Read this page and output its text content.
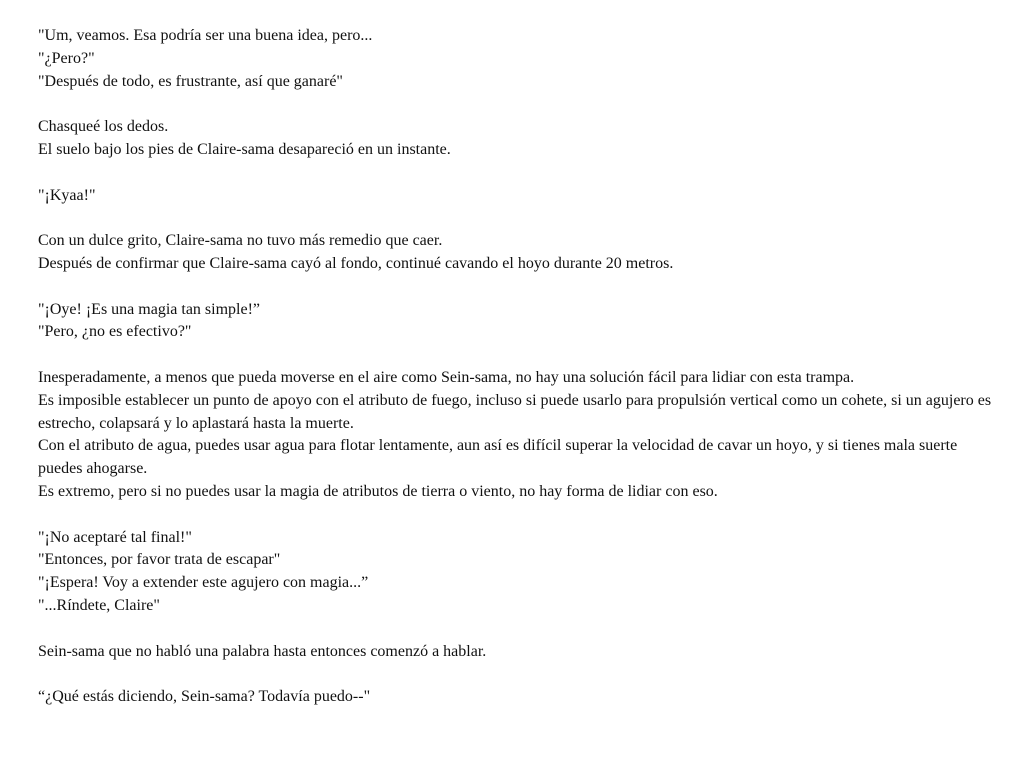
"Um, veamos. Esa podría ser una buena idea, pero...
"¿Pero?"
"Después de todo, es frustrante, así que ganaré"
Chasqueé los dedos.
El suelo bajo los pies de Claire-sama desapareció en un instante.
"¡Kyaa!"
Con un dulce grito, Claire-sama no tuvo más remedio que caer.
Después de confirmar que Claire-sama cayó al fondo, continué cavando el hoyo durante 20 metros.
"¡Oye! ¡Es una magia tan simple!”
"Pero, ¿no es efectivo?"
Inesperadamente, a menos que pueda moverse en el aire como Sein-sama, no hay una solución fácil para lidiar con esta trampa.
Es imposible establecer un punto de apoyo con el atributo de fuego, incluso si puede usarlo para propulsión vertical como un cohete, si un agujero es estrecho, colapsará y lo aplastará hasta la muerte.
Con el atributo de agua, puedes usar agua para flotar lentamente, aun así es difícil superar la velocidad de cavar un hoyo, y si tienes mala suerte puedes ahogarse.
Es extremo, pero si no puedes usar la magia de atributos de tierra o viento, no hay forma de lidiar con eso.
"¡No aceptaré tal final!"
"Entonces, por favor trata de escapar"
"¡Espera! Voy a extender este agujero con magia...”
"...Ríndete, Claire"
Sein-sama que no habló una palabra hasta entonces comenzó a hablar.
“¿Qué estás diciendo, Sein-sama? Todavía puedo--"
